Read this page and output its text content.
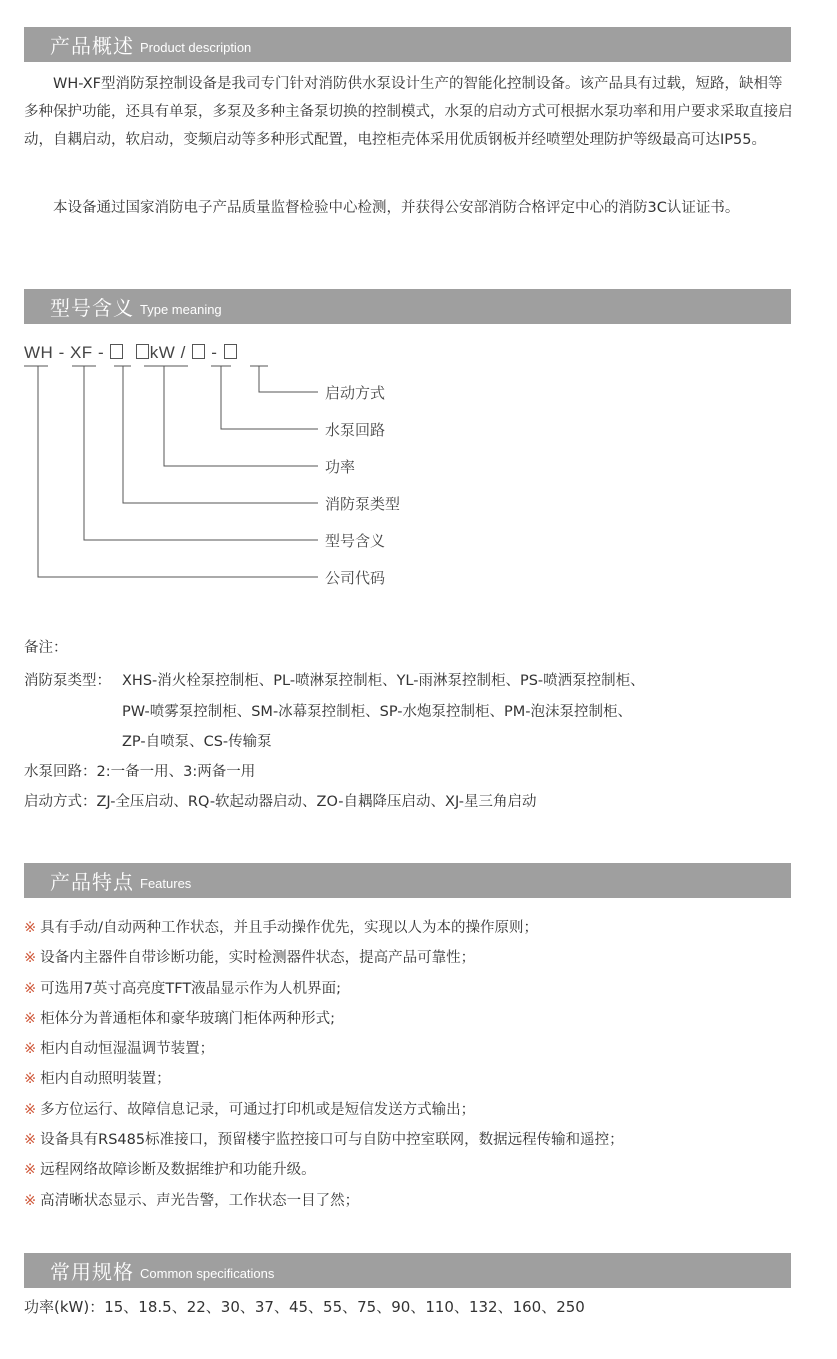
产品概述 Product description

WH-XF型消防泵控制设备是我司专门针对消防供水泵设计生产的智能化控制设备。该产品具有过载，短路，缺相等多种保护功能，还具有单泵，多泵及多种主备泵切换的控制模式，水泵的启动方式可根据水泵功率和用户要求采取直接启动，自耦启动，软启动，变频启动等多种形式配置，电控柜壳体采用优质钢板并经喷塑处理防护等级最高可达IP55。

本设备通过国家消防电子产品质量监督检验中心检测，并获得公安部消防合格评定中心的消防3C认证证书。

型号含义 Type meaning
WH - XF -	kW / -
启动方式
水泵回路
功率
消防泵类型
型号含义
公司代码
备注：
消防泵类型： XHS-消火栓泵控制柜、PL-喷淋泵控制柜、YL-雨淋泵控制柜、PS-喷洒泵控制柜、
PW-喷雾泵控制柜、SM-冰幕泵控制柜、SP-水炮泵控制柜、PM-泡沫泵控制柜、
ZP-自喷泵、CS-传输泵
水泵回路：2:一备一用、3:两备一用
启动方式：ZJ-全压启动、RQ-软起动器启动、ZO-自耦降压启动、XJ-星三角启动
产品特点 Features
※ 具有手动/自动两种工作状态，并且手动操作优先，实现以人为本的操作原则；
※ 设备内主器件自带诊断功能，实时检测器件状态，提高产品可靠性；
※ 可选用7英寸高亮度TFT液晶显示作为人机界面;
※ 柜体分为普通柜体和豪华玻璃门柜体两种形式;
※ 柜内自动恒湿温调节装置；
※ 柜内自动照明装置；
※ 多方位运行、故障信息记录，可通过打印机或是短信发送方式输出；
※ 设备具有RS485标准接口，预留楼宇监控接口可与自防中控室联网，数据远程传输和遥控；
※ 远程网络故障诊断及数据维护和功能升级。
※ 高清晰状态显示、声光告警，工作状态一目了然；
常用规格 Common specifications
功率(kW)：15、18.5、22、30、37、45、55、75、90、110、132、160、250
